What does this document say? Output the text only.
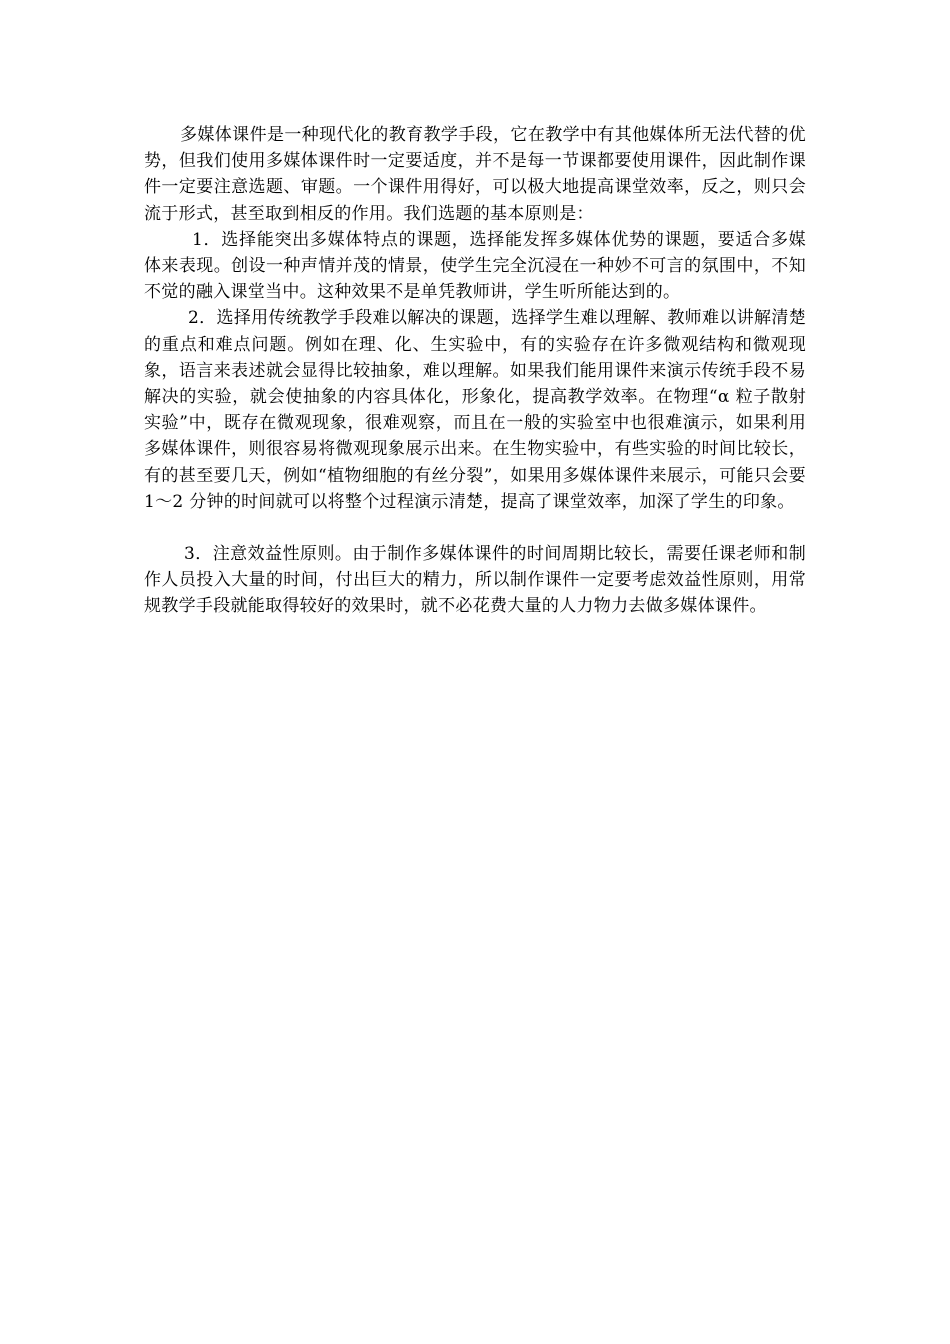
多媒体课件是一种现代化的教育教学手段，它在教学中有其他媒体所无法代替的优势，但我们使用多媒体课件时一定要适度，并不是每一节课都要使用课件，因此制作课件一定要注意选题、审题。一个课件用得好，可以极大地提高课堂效率，反之，则只会流于形式，甚至取到相反的作用。我们选题的基本原则是：

1．选择能突出多媒体特点的课题，选择能发挥多媒体优势的课题，要适合多媒体来表现。创设一种声情并茂的情景，使学生完全沉浸在一种妙不可言的氛围中，不知不觉的融入课堂当中。这种效果不是单凭教师讲，学生听所能达到的。

2．选择用传统教学手段难以解决的课题，选择学生难以理解、教师难以讲解清楚的重点和难点问题。例如在理、化、生实验中，有的实验存在许多微观结构和微观现象，语言来表述就会显得比较抽象，难以理解。如果我们能用课件来演示传统手段不易解决的实验，就会使抽象的内容具体化，形象化，提高教学效率。在物理“α 粒子散射实验”中，既存在微观现象，很难观察，而且在一般的实验室中也很难演示，如果利用多媒体课件，则很容易将微观现象展示出来。在生物实验中，有些实验的时间比较长，有的甚至要几天，例如“植物细胞的有丝分裂”，如果用多媒体课件来展示，可能只会要 1～2 分钟的时间就可以将整个过程演示清楚，提高了课堂效率，加深了学生的印象。

3．注意效益性原则。由于制作多媒体课件的时间周期比较长，需要任课老师和制作人员投入大量的时间，付出巨大的精力，所以制作课件一定要考虑效益性原则，用常规教学手段就能取得较好的效果时，就不必花费大量的人力物力去做多媒体课件。
